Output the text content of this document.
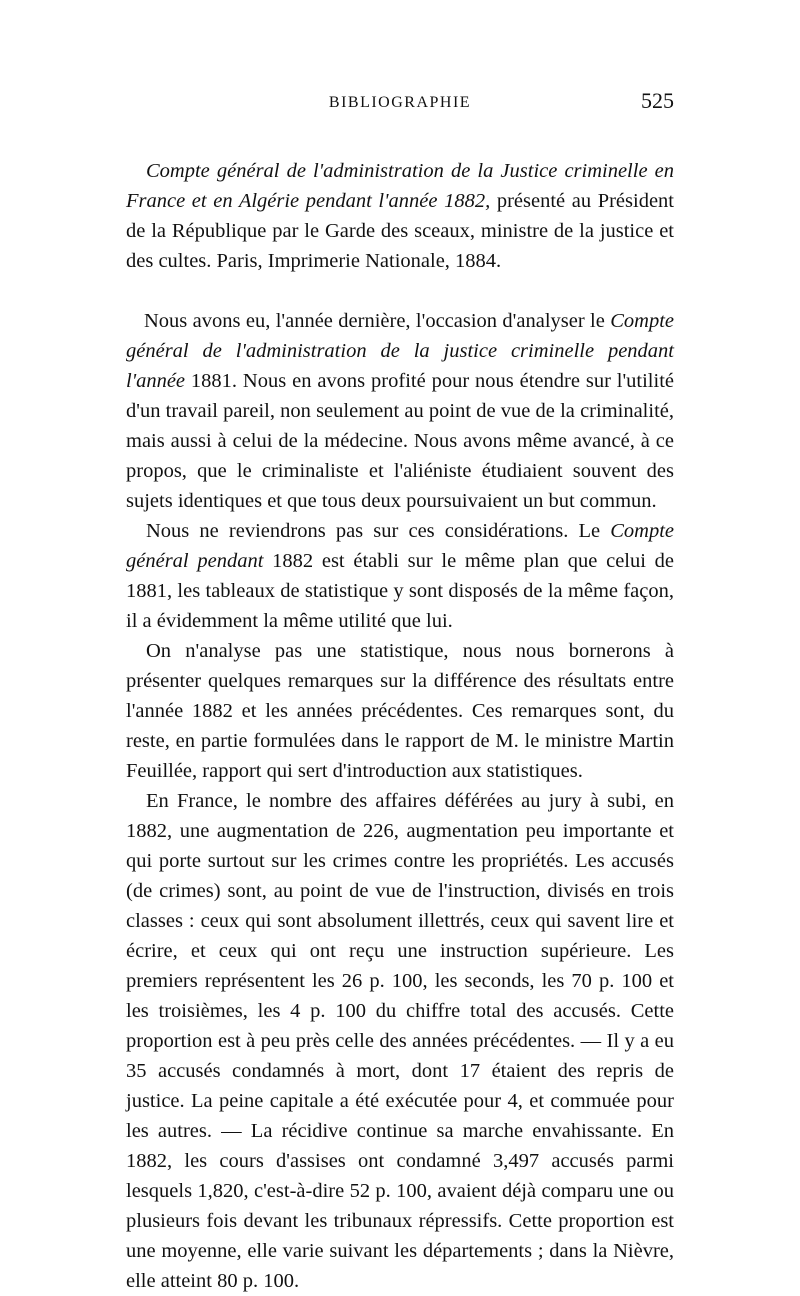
BIBLIOGRAPHIE	525

Compte général de l'administration de la Justice criminelle en France et en Algérie pendant l'année 1882, présenté au Président de la République par le Garde des sceaux, ministre de la justice et des cultes. Paris, Imprimerie Nationale, 1884.

Nous avons eu, l'année dernière, l'occasion d'analyser le Compte général de l'administration de la justice criminelle pendant l'année 1881. Nous en avons profité pour nous étendre sur l'utilité d'un travail pareil, non seulement au point de vue de la criminalité, mais aussi à celui de la médecine. Nous avons même avancé, à ce propos, que le criminaliste et l'aliéniste étudiaient souvent des sujets identiques et que tous deux poursuivaient un but commun.

Nous ne reviendrons pas sur ces considérations. Le Compte général pendant 1882 est établi sur le même plan que celui de 1881, les tableaux de statistique y sont disposés de la même façon, il a évidemment la même utilité que lui.

On n'analyse pas une statistique, nous nous bornerons à présenter quelques remarques sur la différence des résultats entre l'année 1882 et les années précédentes. Ces remarques sont, du reste, en partie formulées dans le rapport de M. le ministre Martin Feuillée, rapport qui sert d'introduction aux statistiques.

En France, le nombre des affaires déférées au jury à subi, en 1882, une augmentation de 226, augmentation peu importante et qui porte surtout sur les crimes contre les propriétés. Les accusés (de crimes) sont, au point de vue de l'instruction, divisés en trois classes : ceux qui sont absolument illettrés, ceux qui savent lire et écrire, et ceux qui ont reçu une instruction supérieure. Les premiers représentent les 26 p. 100, les seconds, les 70 p. 100 et les troisièmes, les 4 p. 100 du chiffre total des accusés. Cette proportion est à peu près celle des années précédentes. — Il y a eu 35 accusés condamnés à mort, dont 17 étaient des repris de justice. La peine capitale a été exécutée pour 4, et commuée pour les autres. — La récidive continue sa marche envahissante. En 1882, les cours d'assises ont condamné 3,497 accusés parmi lesquels 1,820, c'est-à-dire 52 p. 100, avaient déjà comparu une ou plusieurs fois devant les tribunaux répressifs. Cette proportion est une moyenne, elle varie suivant les départements ; dans la Nièvre, elle atteint 80 p. 100.
